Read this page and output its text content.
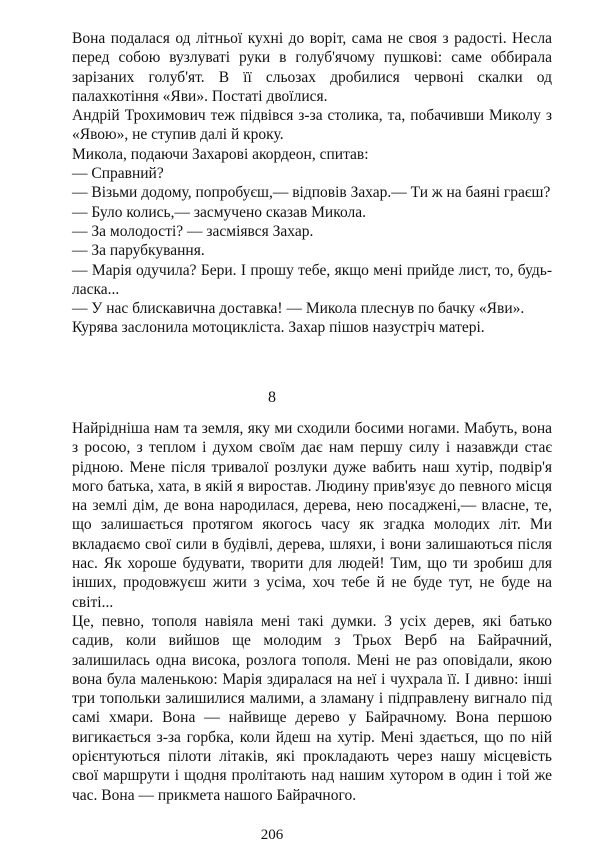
Вона подалася од літньої кухні до воріт, сама не своя з радості. Несла перед собою вузлуваті руки в голуб'ячому пушкові: саме оббирала зарізаних голуб'ят. В її сльозах дробилися червоні скалки од палахкотіння «Яви». Постаті двоїлися.

Андрій Трохимович теж підвівся з-за столика, та, побачивши Миколу з «Явою», не ступив далі й кроку.

Микола, подаючи Захарові акордеон, спитав:

— Справний?

— Візьми додому, попробуєш,— відповів Захар.— Ти ж на баяні граєш?

— Було колись,— засмучено сказав Микола.

— За молодості? — засміявся Захар.

— За парубкування.

— Марія одучила? Бери. І прошу тебе, якщо мені прийде лист, то, будь-ласка...

— У нас блискавична доставка! — Микола плеснув по бачку «Яви».

Курява заслонила мотоцикліста. Захар пішов назустріч матері.

8

Найрідніша нам та земля, яку ми сходили босими ногами. Мабуть, вона з росою, з теплом і духом своїм дає нам першу силу і назавжди стає рідною. Мене після тривалої розлуки дуже вабить наш хутір, подвір'я мого батька, хата, в якій я виростав. Людину прив'язує до певного місця на землі дім, де вона народилася, дерева, нею посаджені,— власне, те, що залишається протягом якогось часу як згадка молодих літ. Ми вкладаємо свої сили в будівлі, дерева, шляхи, і вони залишаються після нас. Як хороше будувати, творити для людей! Тим, що ти зробиш для інших, продовжуєш жити з усіма, хоч тебе й не буде тут, не буде на світі...

Це, певно, тополя навіяла мені такі думки. З усіх дерев, які батько садив, коли вийшов ще молодим з Трьох Верб на Байрачний, залишилась одна висока, розлога тополя. Мені не раз оповідали, якою вона була маленькою: Марія здиралася на неї і чухрала її. І дивно: інші три топольки залишилися малими, а зламану і підправлену вигнало під самі хмари. Вона — найвище дерево у Байрачному. Вона першою вигикається з-за горбка, коли йдеш на хутір. Мені здається, що по ній орієнтуються пілоти літаків, які прокладають через нашу місцевість свої маршрути і щодня пролітають над нашим хутором в один і той же час. Вона — прикмета нашого Байрачного.

206
